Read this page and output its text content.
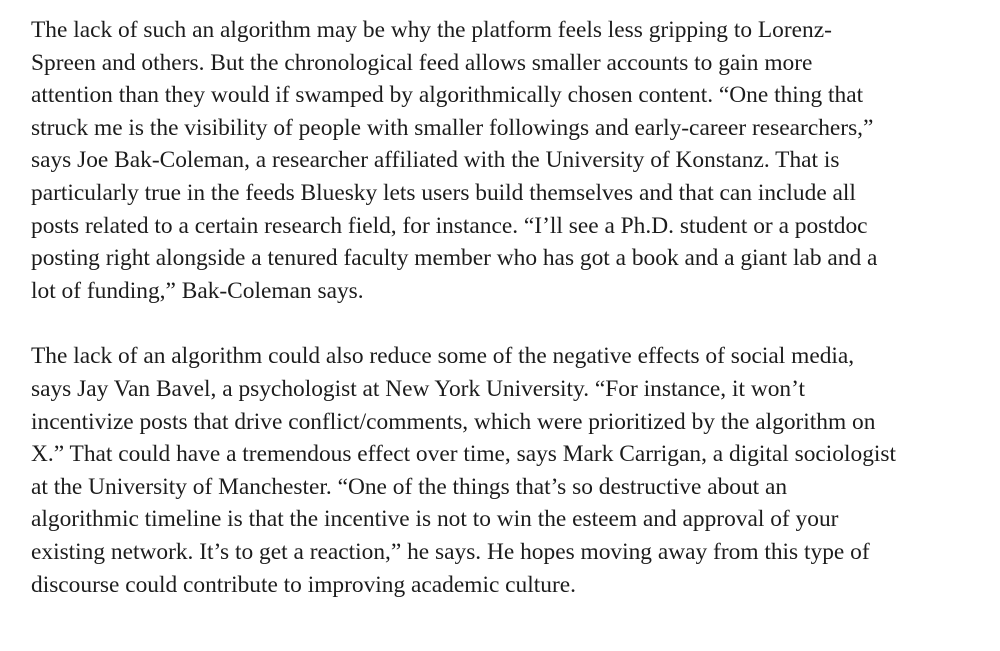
The lack of such an algorithm may be why the platform feels less gripping to Lorenz-
Spreen and others. But the chronological feed allows smaller accounts to gain more
attention than they would if swamped by algorithmically chosen content. “One thing that
struck me is the visibility of people with smaller followings and early-career researchers,”
says Joe Bak-Coleman, a researcher affiliated with the University of Konstanz. That is
particularly true in the feeds Bluesky lets users build themselves and that can include all
posts related to a certain research field, for instance. “I’ll see a Ph.D. student or a postdoc
posting right alongside a tenured faculty member who has got a book and a giant lab and a
lot of funding,” Bak-Coleman says.

The lack of an algorithm could also reduce some of the negative effects of social media,
says Jay Van Bavel, a psychologist at New York University. “For instance, it won’t
incentivize posts that drive conflict/comments, which were prioritized by the algorithm on
X.” That could have a tremendous effect over time, says Mark Carrigan, a digital sociologist
at the University of Manchester. “One of the things that’s so destructive about an
algorithmic timeline is that the incentive is not to win the esteem and approval of your
existing network. It’s to get a reaction,” he says. He hopes moving away from this type of
discourse could contribute to improving academic culture.
